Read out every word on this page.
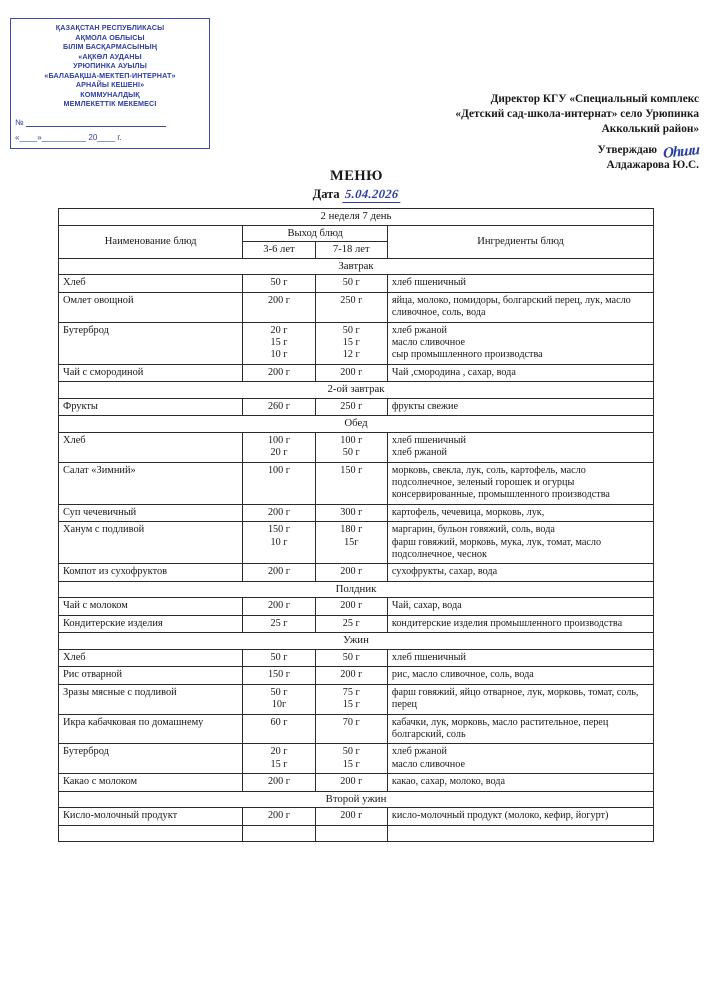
ҚАЗАҚСТАН РЕСПУБЛИКАСЫ
АҚМОЛА ОБЛЫСЫ
БІЛІМ БАСҚАРМАСЫНЫҢ
«АҚКӨЛ АУДАНЫ
УРЮПИНКА АУЫЛЫ
«БАЛАБАҚША-МЕКТЕП-ИНТЕРНАТ»
АРНАЙЫ КЕШЕНІ»
КОММУНАЛДЫҚ
МЕМЛЕКЕТТІК МЕКЕМЕСІ
№
«____»__________ 20____ г.
Директор КГУ «Специальный комплекс
«Детский сад-школа-интернат» село Урюпинка
Акколький район»
Утверждаю Оһши
Алдажарова Ю.С.
МЕНЮ
Дата 5.04.2026
2 неделя 7 день			
Наименование блюд	Выход блюд		Ингредиенты блюд
	3-6 лет	7-18 лет	
Завтрак			
Хлеб	50 г	50 г	хлеб пшеничный
Омлет овощной	200 г	250 г	яйца, молоко, помидоры, болгарский перец, лук, масло сливочное, соль, вода
Бутерброд	20 г
15 г
10 г	50 г
15 г
12 г	хлеб ржаной
масло сливочное
сыр промышленного производства
Чай с смородиной	200 г	200 г	Чай ,смородина , сахар, вода
2-ой завтрак			
Фрукты	260 г	250 г	фрукты свежие
Обед			
Хлеб	100 г
20 г	100 г
50 г	хлеб пшеничный
хлеб ржаной
Салат «Зимний»	100 г	150 г	морковь, свекла, лук, соль, картофель, масло подсолнечное, зеленый горошек и огурцы консервированные, промышленного производства
Суп чечевичный	200 г	300 г	картофель, чечевица, морковь, лук,
Ханум с подливой	150 г
10 г	180 г
15г	маргарин, бульон говяжий, соль, вода
фарш говяжий, морковь, мука, лук, томат, масло подсолнечное, чеснок
Компот из сухофруктов	200 г	200 г	сухофрукты, сахар, вода
Полдник			
Чай с молоком	200 г	200 г	Чай, сахар, вода
Кондитерские изделия	25 г	25 г	кондитерские изделия промышленного производства
Ужин			
Хлеб	50 г	50 г	хлеб пшеничный
Рис отварной	150 г	200 г	рис, масло сливочное, соль, вода
Зразы мясные с подливой	50 г
10г	75 г
15 г	фарш говяжий, яйцо отварное, лук, морковь, томат, соль, перец
Икра кабачковая по домашнему	60 г	70 г	кабачки, лук, морковь, масло растительное, перец болгарский, соль
Бутерброд	20 г
15 г	50 г
15 г	хлеб ржаной
масло сливочное
Какао с молоком	200 г	200 г	какао, сахар, молоко, вода
Второй ужин			
Кисло-молочный продукт	200 г	200 г	кисло-молочный продукт (молоко, кефир, йогурт)
